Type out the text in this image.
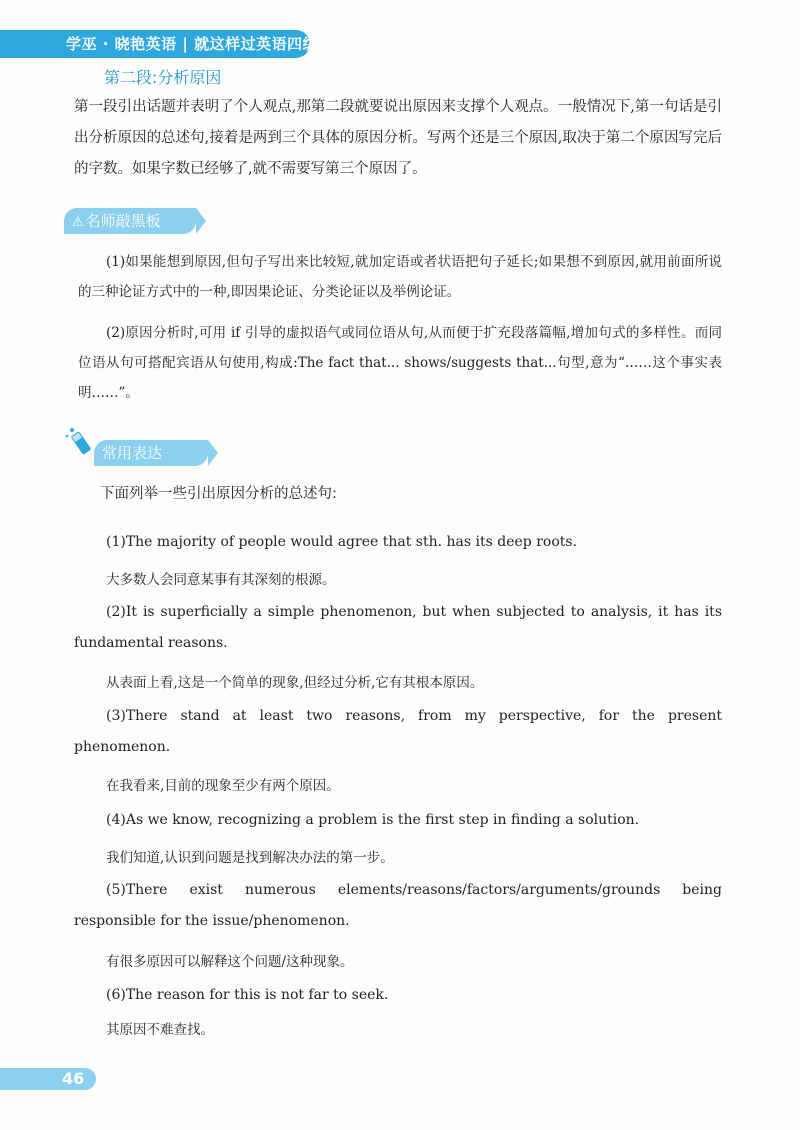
学巫 · 晓艳英语 | 就这样过英语四级
第二段:分析原因
第一段引出话题并表明了个人观点,那第二段就要说出原因来支撑个人观点。一般情况下,第一句话是引出分析原因的总述句,接着是两到三个具体的原因分析。写两个还是三个原因,取决于第二个原因写完后的字数。如果字数已经够了,就不需要写第三个原因了。
⚠ 名师敲黑板
(1)如果能想到原因,但句子写出来比较短,就加定语或者状语把句子延长;如果想不到原因,就用前面所说的三种论证方式中的一种,即因果论证、分类论证以及举例论证。
(2)原因分析时,可用 if 引导的虚拟语气或同位语从句,从而便于扩充段落篇幅,增加句式的多样性。而同位语从句可搭配宾语从句使用,构成:The fact that... shows/suggests that...句型,意为“……这个事实表明……”。
常用表达
下面列举一些引出原因分析的总述句:
(1)The majority of people would agree that sth. has its deep roots.
大多数人会同意某事有其深刻的根源。
(2)It is superficially a simple phenomenon, but when subjected to analysis, it has its fundamental reasons.
从表面上看,这是一个简单的现象,但经过分析,它有其根本原因。
(3)There stand at least two reasons, from my perspective, for the present phenomenon.
在我看来,目前的现象至少有两个原因。
(4)As we know, recognizing a problem is the first step in finding a solution.
我们知道,认识到问题是找到解决办法的第一步。
(5)There exist numerous elements/reasons/factors/arguments/grounds being responsible for the issue/phenomenon.
有很多原因可以解释这个问题/这种现象。
(6)The reason for this is not far to seek.
其原因不难查找。
46
